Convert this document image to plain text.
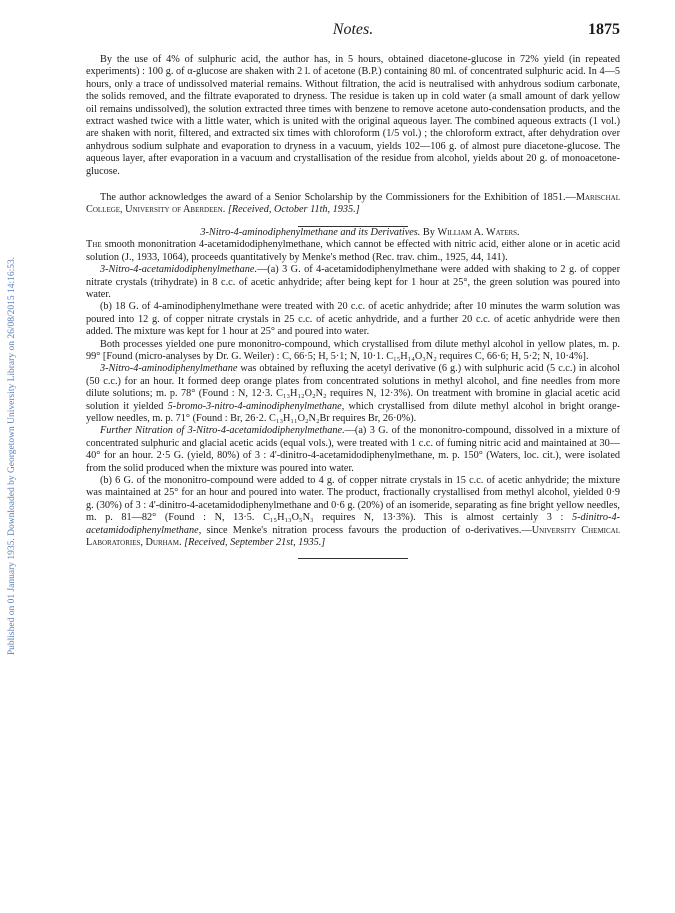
Published on 01 January 1935. Downloaded by Georgetown University Library on 26/08/2015 14:16:53.
Notes.	1875

By the use of 4% of sulphuric acid, the author has, in 5 hours, obtained diacetone-glucose in 72% yield (in repeated experiments) : 100 g. of α-glucose are shaken with 2 l. of acetone (B.P.) containing 80 ml. of concentrated sulphuric acid. In 4—5 hours, only a trace of undissolved material remains. Without filtration, the acid is neutralised with anhydrous sodium carbonate, the solids removed, and the filtrate evaporated to dryness. The residue is taken up in cold water (a small amount of dark yellow oil remains undissolved), the solution extracted three times with benzene to remove acetone auto-condensation products, and the extract washed twice with a little water, which is united with the original aqueous layer. The combined aqueous extracts (1 vol.) are shaken with norit, filtered, and extracted six times with chloroform (1/5 vol.) ; the chloroform extract, after dehydration over anhydrous sodium sulphate and evaporation to dryness in a vacuum, yields 102—106 g. of almost pure diacetone-glucose. The aqueous layer, after evaporation in a vacuum and crystallisation of the residue from alcohol, yields about 20 g. of monoacetone-glucose.

The author acknowledges the award of a Senior Scholarship by the Commissioners for the Exhibition of 1851.—Marischal College, University of Aberdeen. [Received, October 11th, 1935.]

3-Nitro-4-aminodiphenylmethane and its Derivatives. By William A. Waters.

The smooth mononitration 4-acetamidodiphenylmethane, which cannot be effected with nitric acid, either alone or in acetic acid solution (J., 1933, 1064), proceeds quantitatively by Menke's method (Rec. trav. chim., 1925, 44, 141).

3-Nitro-4-acetamidodiphenylmethane.—(a) 3 G. of 4-acetamidodiphenylmethane were added with shaking to 2 g. of copper nitrate crystals (trihydrate) in 8 c.c. of acetic anhydride; after being kept for 1 hour at 25°, the green solution was poured into water.

(b) 18 G. of 4-aminodiphenylmethane were treated with 20 c.c. of acetic anhydride; after 10 minutes the warm solution was poured into 12 g. of copper nitrate crystals in 25 c.c. of acetic anhydride, and a further 20 c.c. of acetic anhydride were then added. The mixture was kept for 1 hour at 25° and poured into water.

Both processes yielded one pure mononitro-compound, which crystallised from dilute methyl alcohol in yellow plates, m. p. 99° [Found (micro-analyses by Dr. G. Weiler) : C, 66·5; H, 5·1; N, 10·1. C₁₅H₁₄O₃N₂ requires C, 66·6; H, 5·2; N, 10·4%].

3-Nitro-4-aminodiphenylmethane was obtained by refluxing the acetyl derivative (6 g.) with sulphuric acid (5 c.c.) in alcohol (50 c.c.) for an hour. It formed deep orange plates from concentrated solutions in methyl alcohol, and fine needles from more dilute solutions; m. p. 78° (Found : N, 12·3. C₁₃H₁₂O₂N₂ requires N, 12·3%). On treatment with bromine in glacial acetic acid solution it yielded 5-bromo-3-nitro-4-aminodiphenylmethane, which crystallised from dilute methyl alcohol in bright orange-yellow needles, m. p. 71° (Found : Br, 26·2. C₁₃H₁₁O₂N₂Br requires Br, 26·0%).

Further Nitration of 3-Nitro-4-acetamidodiphenylmethane.—(a) 3 G. of the mononitro-compound, dissolved in a mixture of concentrated sulphuric and glacial acetic acids (equal vols.), were treated with 1 c.c. of fuming nitric acid and maintained at 30—40° for an hour. 2·5 G. (yield, 80%) of 3 : 4'-dinitro-4-acetamidodiphenylmethane, m. p. 150° (Waters, loc. cit.), were isolated from the solid produced when the mixture was poured into water.

(b) 6 G. of the mononitro-compound were added to 4 g. of copper nitrate crystals in 15 c.c. of acetic anhydride; the mixture was maintained at 25° for an hour and poured into water. The product, fractionally crystallised from methyl alcohol, yielded 0·9 g. (30%) of 3 : 4'-dinitro-4-acetamidodiphenylmethane and 0·6 g. (20%) of an isomeride, separating as fine bright yellow needles, m. p. 81—82° (Found : N, 13·5. C₁₅H₁₃O₅N₃ requires N, 13·3%). This is almost certainly 3 : 5-dinitro-4-acetamidodiphenylmethane, since Menke's nitration process favours the production of o-derivatives.—University Chemical Laboratories, Durham. [Received, September 21st, 1935.]
